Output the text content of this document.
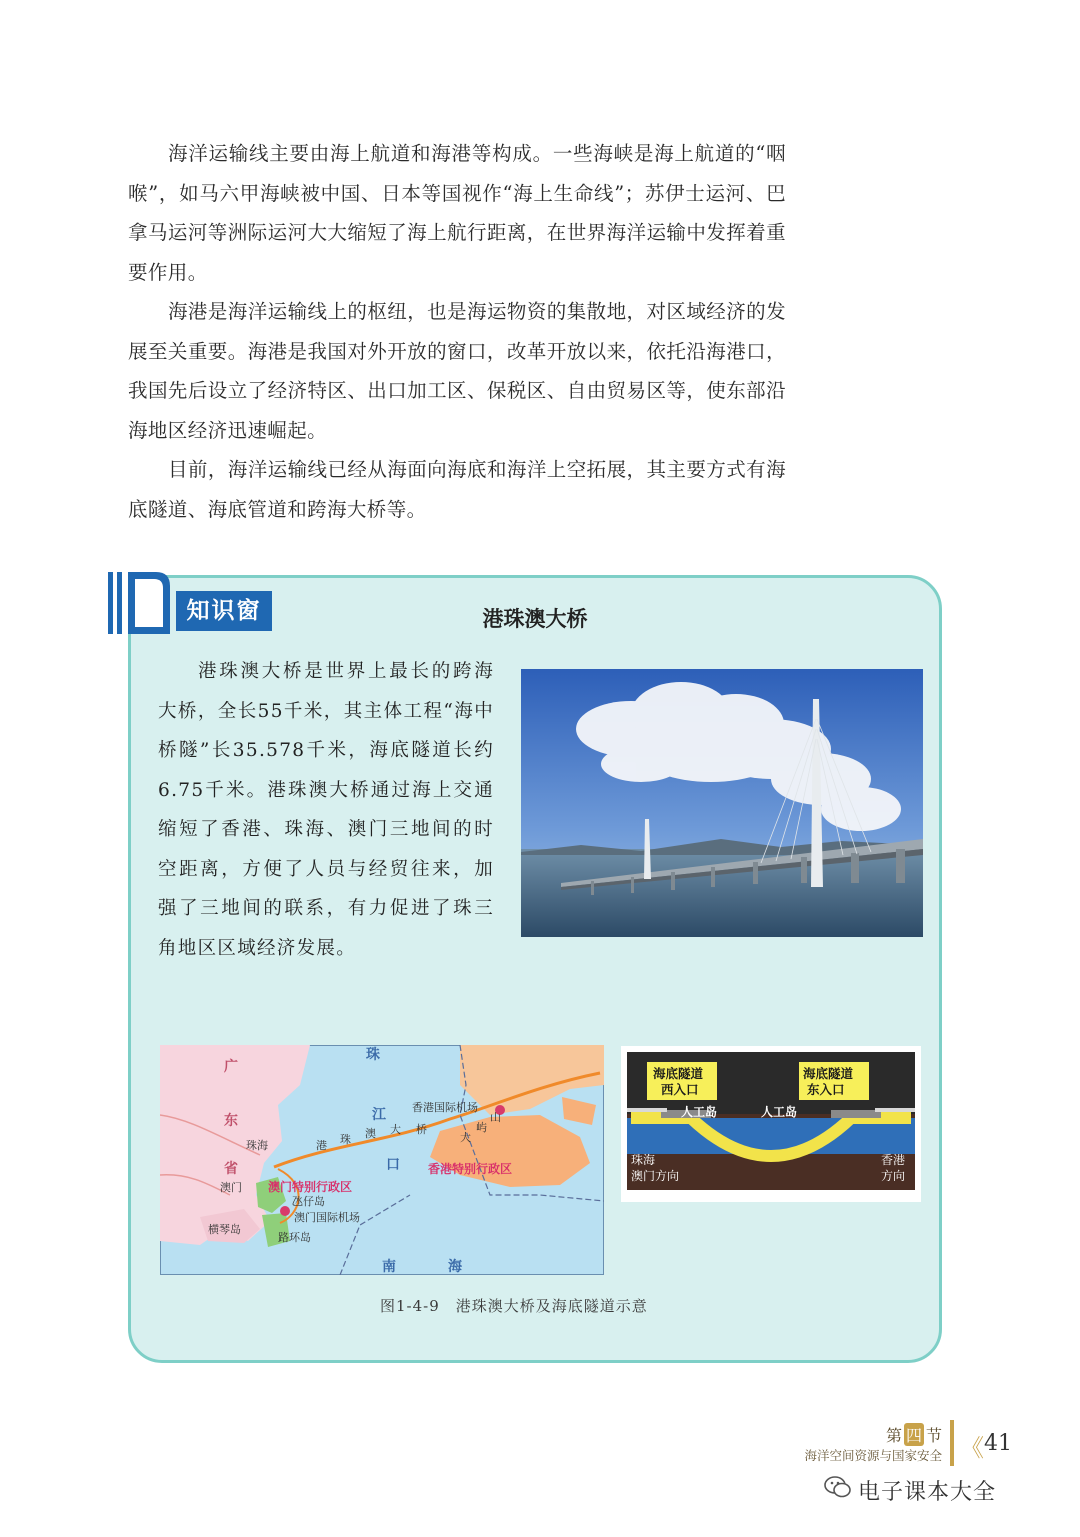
海洋运输线主要由海上航道和海港等构成。一些海峡是海上航道的“咽喉”，如马六甲海峡被中国、日本等国视作“海上生命线”；苏伊士运河、巴拿马运河等洲际运河大大缩短了海上航行距离，在世界海洋运输中发挥着重要作用。
海港是海洋运输线上的枢纽，也是海运物资的集散地，对区域经济的发展至关重要。海港是我国对外开放的窗口，改革开放以来，依托沿海港口，我国先后设立了经济特区、出口加工区、保税区、自由贸易区等，使东部沿海地区经济迅速崛起。
目前，海洋运输线已经从海面向海底和海洋上空拓展，其主要方式有海底隧道、海底管道和跨海大桥等。
知识窗	港珠澳大桥
港珠澳大桥是世界上最长的跨海大桥，全长55千米，其主体工程“海中桥隧”长35.578千米，海底隧道长约6.75千米。港珠澳大桥通过海上交通缩短了香港、珠海、澳门三地间的时空距离，方便了人员与经贸往来，加强了三地间的联系，有力促进了珠三角地区区域经济发展。
广
东
省
珠
江
口
南	海
港 珠 澳 大 桥
珠海
澳门
香港国际机场
氹仔岛
澳门国际机场
路环岛
横琴岛
大
屿
山
澳门特别行政区
香港特别行政区
海底隧道
西入口
海底隧道
东入口
人工岛	人工岛
珠海
澳门方向
香港
方向
图1-4-9　港珠澳大桥及海底隧道示意
第 四 节
海洋空间资源与国家安全 《 41
电子课本大全
